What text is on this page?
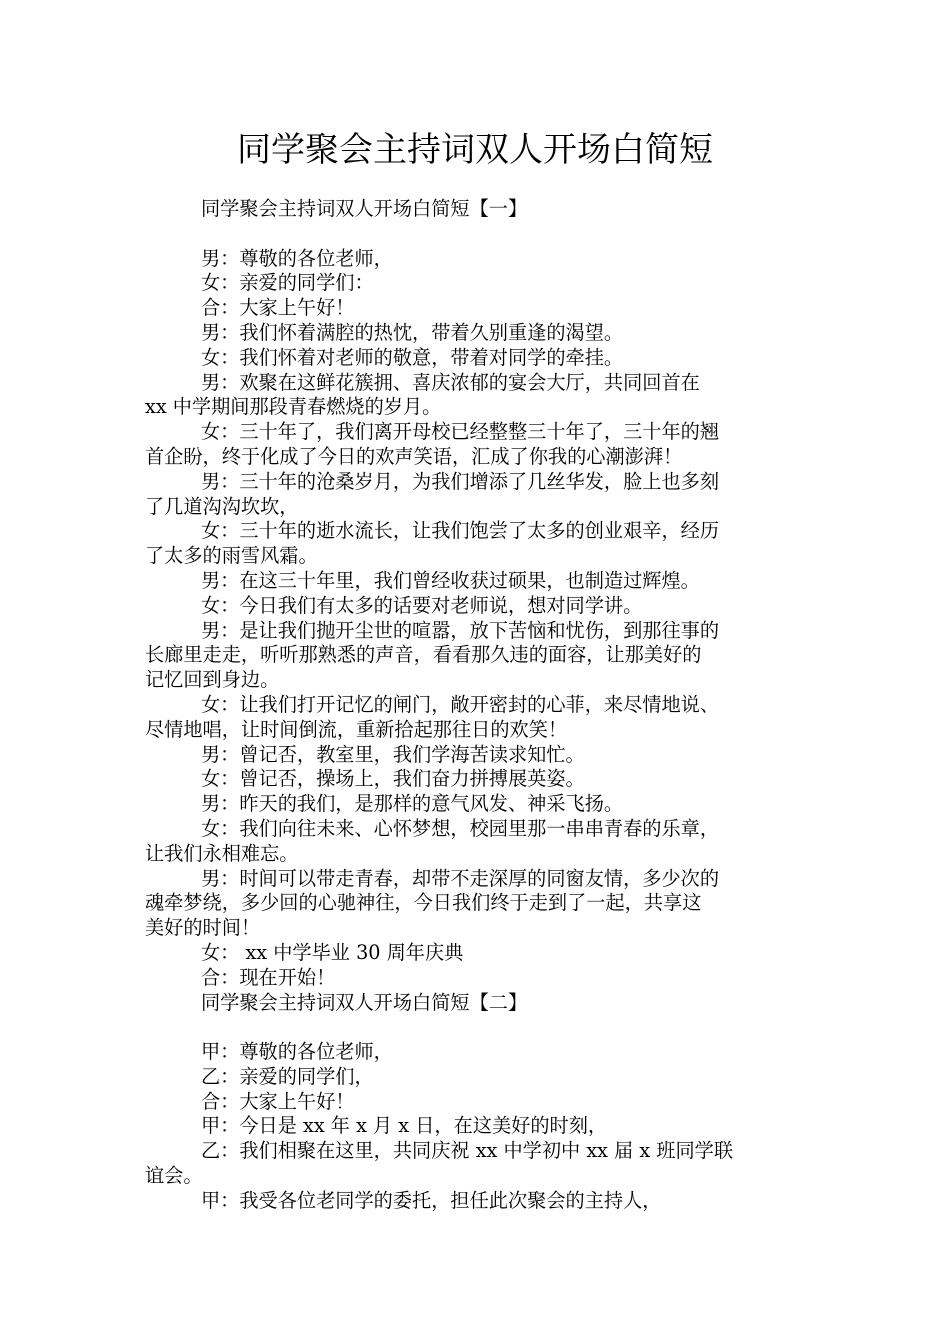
同学聚会主持词双人开场白简短
同学聚会主持词双人开场白简短【一】
男：尊敬的各位老师，
女：亲爱的同学们：
合：大家上午好！
男：我们怀着满腔的热忱，带着久别重逢的渴望。
女：我们怀着对老师的敬意，带着对同学的牵挂。
男：欢聚在这鲜花簇拥、喜庆浓郁的宴会大厅，共同回首在
xx 中学期间那段青春燃烧的岁月。
女：三十年了，我们离开母校已经整整三十年了，三十年的翘
首企盼，终于化成了今日的欢声笑语，汇成了你我的心潮澎湃！
男：三十年的沧桑岁月，为我们增添了几丝华发，脸上也多刻
了几道沟沟坎坎，
女：三十年的逝水流长，让我们饱尝了太多的创业艰辛，经历
了太多的雨雪风霜。
男：在这三十年里，我们曾经收获过硕果，也制造过辉煌。
女：今日我们有太多的话要对老师说，想对同学讲。
男：是让我们抛开尘世的喧嚣，放下苦恼和忧伤，到那往事的
长廊里走走，听听那熟悉的声音，看看那久违的面容，让那美好的
记忆回到身边。
女：让我们打开记忆的闸门，敞开密封的心菲，来尽情地说、
尽情地唱，让时间倒流，重新拾起那往日的欢笑！
男：曾记否，教室里，我们学海苦读求知忙。
女：曾记否，操场上，我们奋力拼搏展英姿。
男：昨天的我们，是那样的意气风发、神采飞扬。
女：我们向往未来、心怀梦想，校园里那一串串青春的乐章，
让我们永相难忘。
男：时间可以带走青春，却带不走深厚的同窗友情，多少次的
魂牵梦绕，多少回的心驰神往，今日我们终于走到了一起，共享这
美好的时间！
女： xx 中学毕业 30 周年庆典
合：现在开始！
同学聚会主持词双人开场白简短【二】
甲：尊敬的各位老师，
乙：亲爱的同学们，
合：大家上午好！
甲：今日是 xx 年 x 月 x 日，在这美好的时刻，
乙：我们相聚在这里，共同庆祝 xx 中学初中 xx 届 x 班同学联
谊会。
甲：我受各位老同学的委托，担任此次聚会的主持人，
